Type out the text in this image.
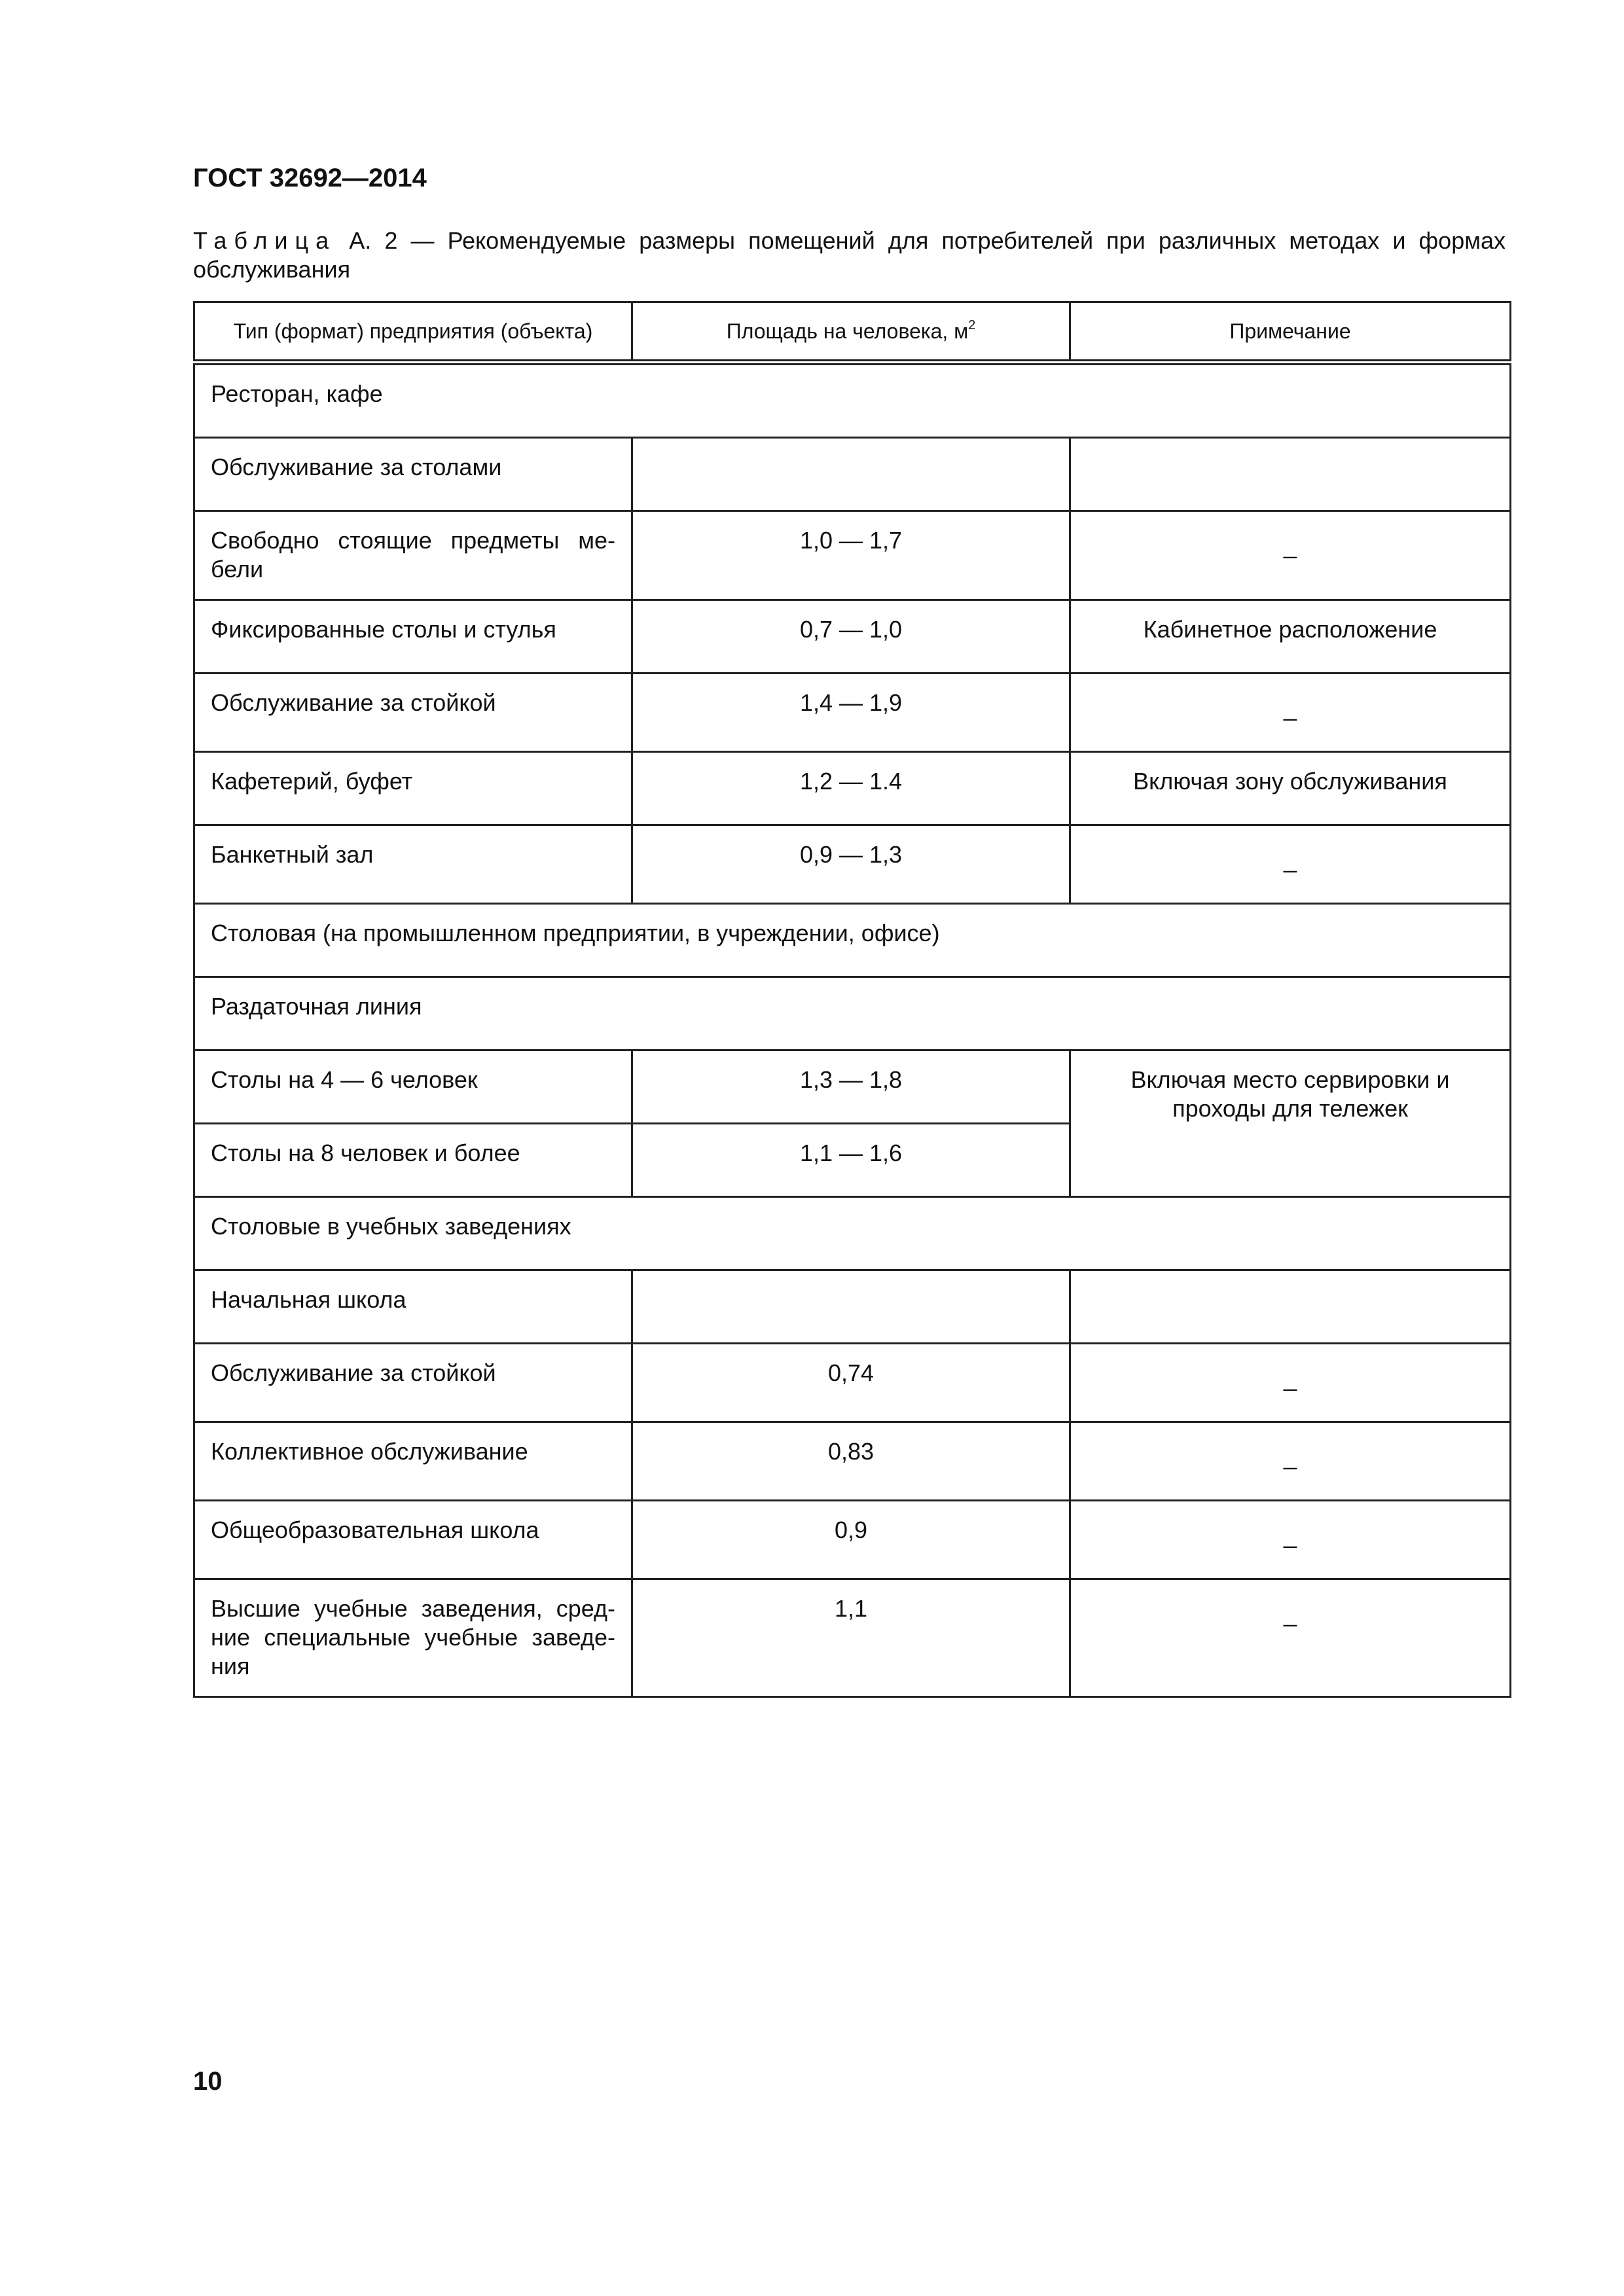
ГОСТ 32692—2014
Таблица А. 2 — Рекомендуемые размеры помещений для потребителей при различных методах и формах обслуживания
Тип (формат) предприятия (объекта)	Площадь на человека, $м^2$	Примечание
Ресторан, кафе		
Обслуживание за столами		
Свободно стоящие предметы ме-бели	1,0 — 1,7	_
Фиксированные столы и стулья	0,7 — 1,0	Кабинетное расположение
Обслуживание за стойкой	1,4 — 1,9	_
Кафетерий, буфет	1,2 — 1.4	Включая зону обслуживания
Банкетный зал	0,9 — 1,3	_
Столовая (на промышленном предприятии, в учреждении, офисе)		
Раздаточная линия		
Столы на 4 — 6 человек	1,3 — 1,8	Включая место сервировки и проходы для тележек
Столы на 8 человек и более	1,1 — 1,6	
Столовые в учебных заведениях		
Начальная школа		
Обслуживание за стойкой	0,74	_
Коллективное обслуживание	0,83	_
Общеобразовательная школа	0,9	_
Высшие учебные заведения, сред-ние специальные учебные заведе-ния	1,1	_
10
